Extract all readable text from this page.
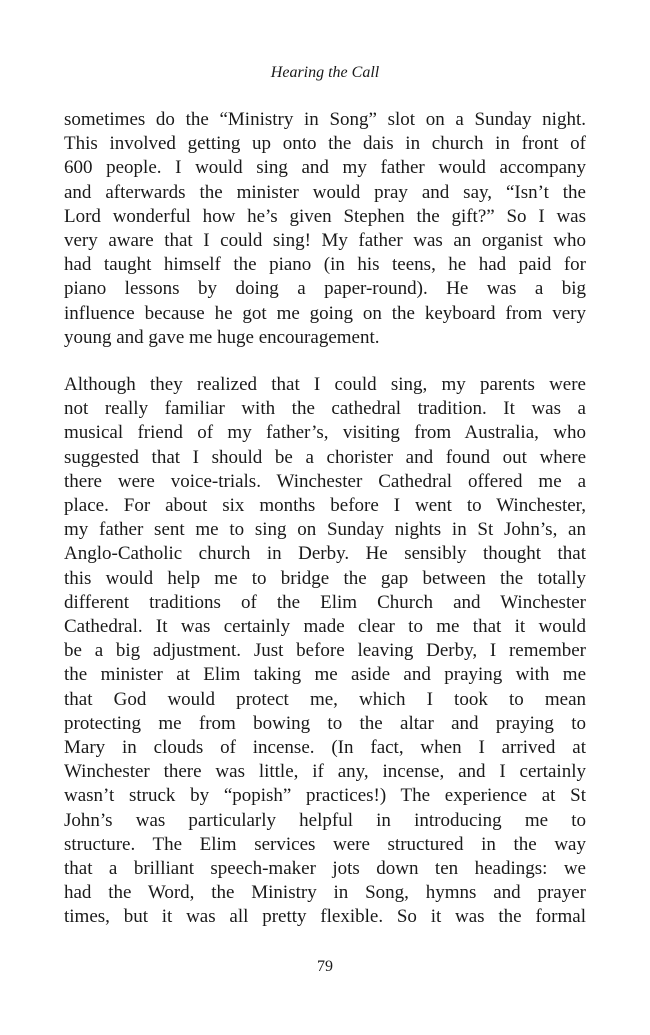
Hearing the Call
sometimes do the “Ministry in Song” slot on a Sunday night.
This involved getting up onto the dais in church in front of
600 people. I would sing and my father would accompany
and afterwards the minister would pray and say, “Isn’t the
Lord wonderful how he’s given Stephen the gift?” So I was
very aware that I could sing! My father was an organist who
had taught himself the piano (in his teens, he had paid for
piano lessons by doing a paper-round). He was a big
influence because he got me going on the keyboard from very
young and gave me huge encouragement.
Although they realized that I could sing, my parents were
not really familiar with the cathedral tradition. It was a
musical friend of my father’s, visiting from Australia, who
suggested that I should be a chorister and found out where
there were voice-trials. Winchester Cathedral offered me a
place. For about six months before I went to Winchester,
my father sent me to sing on Sunday nights in St John’s, an
Anglo-Catholic church in Derby. He sensibly thought that
this would help me to bridge the gap between the totally
different traditions of the Elim Church and Winchester
Cathedral. It was certainly made clear to me that it would
be a big adjustment. Just before leaving Derby, I remember
the minister at Elim taking me aside and praying with me
that God would protect me, which I took to mean
protecting me from bowing to the altar and praying to
Mary in clouds of incense. (In fact, when I arrived at
Winchester there was little, if any, incense, and I certainly
wasn’t struck by “popish” practices!) The experience at St
John’s was particularly helpful in introducing me to
structure. The Elim services were structured in the way
that a brilliant speech-maker jots down ten headings: we
had the Word, the Ministry in Song, hymns and prayer
times, but it was all pretty flexible. So it was the formal
79
